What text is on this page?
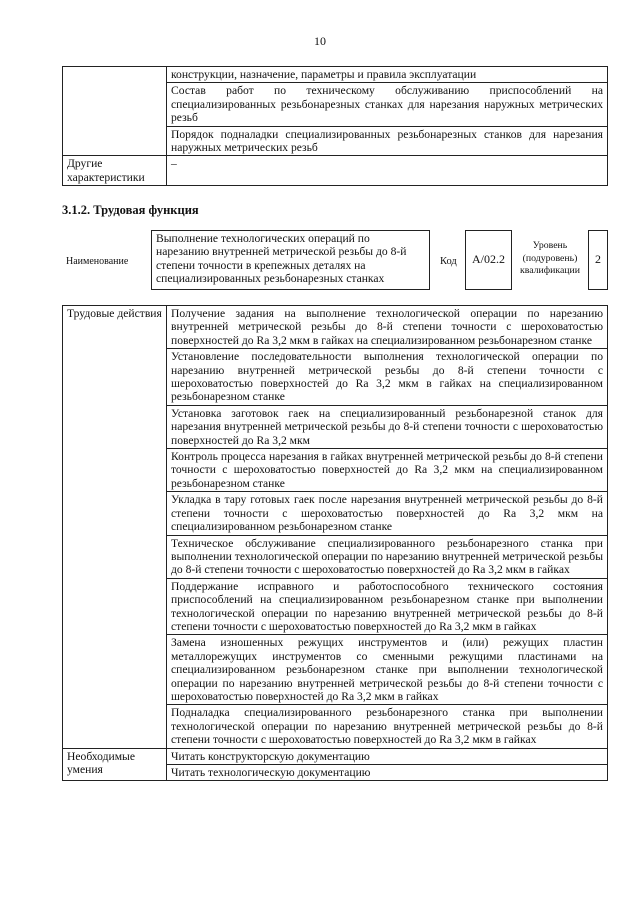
10
	конструкции, назначение, параметры и правила эксплуатации
	Состав работ по техническому обслуживанию приспособлений на специализированных резьбонарезных станках для нарезания наружных метрических резьб
	Порядок подналадки специализированных резьбонарезных станков для нарезания наружных метрических резьб
Другие характеристики	–
3.1.2. Трудовая функция
Наименование
Выполнение технологических операций по нарезанию внутренней метрической резьбы до 8-й степени точности в крепежных деталях на специализированных резьбонарезных станках
Код A/02.2
Уровень (подуровень) квалификации
2
Трудовые действия	Получение задания на выполнение технологической операции по нарезанию внутренней метрической резьбы до 8-й степени точности с шероховатостью поверхностей до Ra 3,2 мкм в гайках на специализированном резьбонарезном станке
	Установление последовательности выполнения технологической операции по нарезанию внутренней метрической резьбы до 8-й степени точности с шероховатостью поверхностей до Ra 3,2 мкм в гайках на специализированном резьбонарезном станке
	Установка заготовок гаек на специализированный резьбонарезной станок для нарезания внутренней метрической резьбы до 8-й степени точности с шероховатостью поверхностей до Ra 3,2 мкм
	Контроль процесса нарезания в гайках внутренней метрической резьбы до 8-й степени точности с шероховатостью поверхностей до Ra 3,2 мкм на специализированном резьбонарезном станке
	Укладка в тару готовых гаек после нарезания внутренней метрической резьбы до 8-й степени точности с шероховатостью поверхностей до Ra 3,2 мкм на специализированном резьбонарезном станке
	Техническое обслуживание специализированного резьбонарезного станка при выполнении технологической операции по нарезанию внутренней метрической резьбы до 8-й степени точности с шероховатостью поверхностей до Ra 3,2 мкм в гайках
	Поддержание исправного и работоспособного технического состояния приспособлений на специализированном резьбонарезном станке при выполнении технологической операции по нарезанию внутренней метрической резьбы до 8-й степени точности с шероховатостью поверхностей до Ra 3,2 мкм в гайках
	Замена изношенных режущих инструментов и (или) режущих пластин металлорежущих инструментов со сменными режущими пластинами на специализированном резьбонарезном станке при выполнении технологической операции по нарезанию внутренней метрической резьбы до 8-й степени точности с шероховатостью поверхностей до Ra 3,2 мкм в гайках
	Подналадка специализированного резьбонарезного станка при выполнении технологической операции по нарезанию внутренней метрической резьбы до 8-й степени точности с шероховатостью поверхностей до Ra 3,2 мкм в гайках
Необходимые умения	Читать конструкторскую документацию
	Читать технологическую документацию
